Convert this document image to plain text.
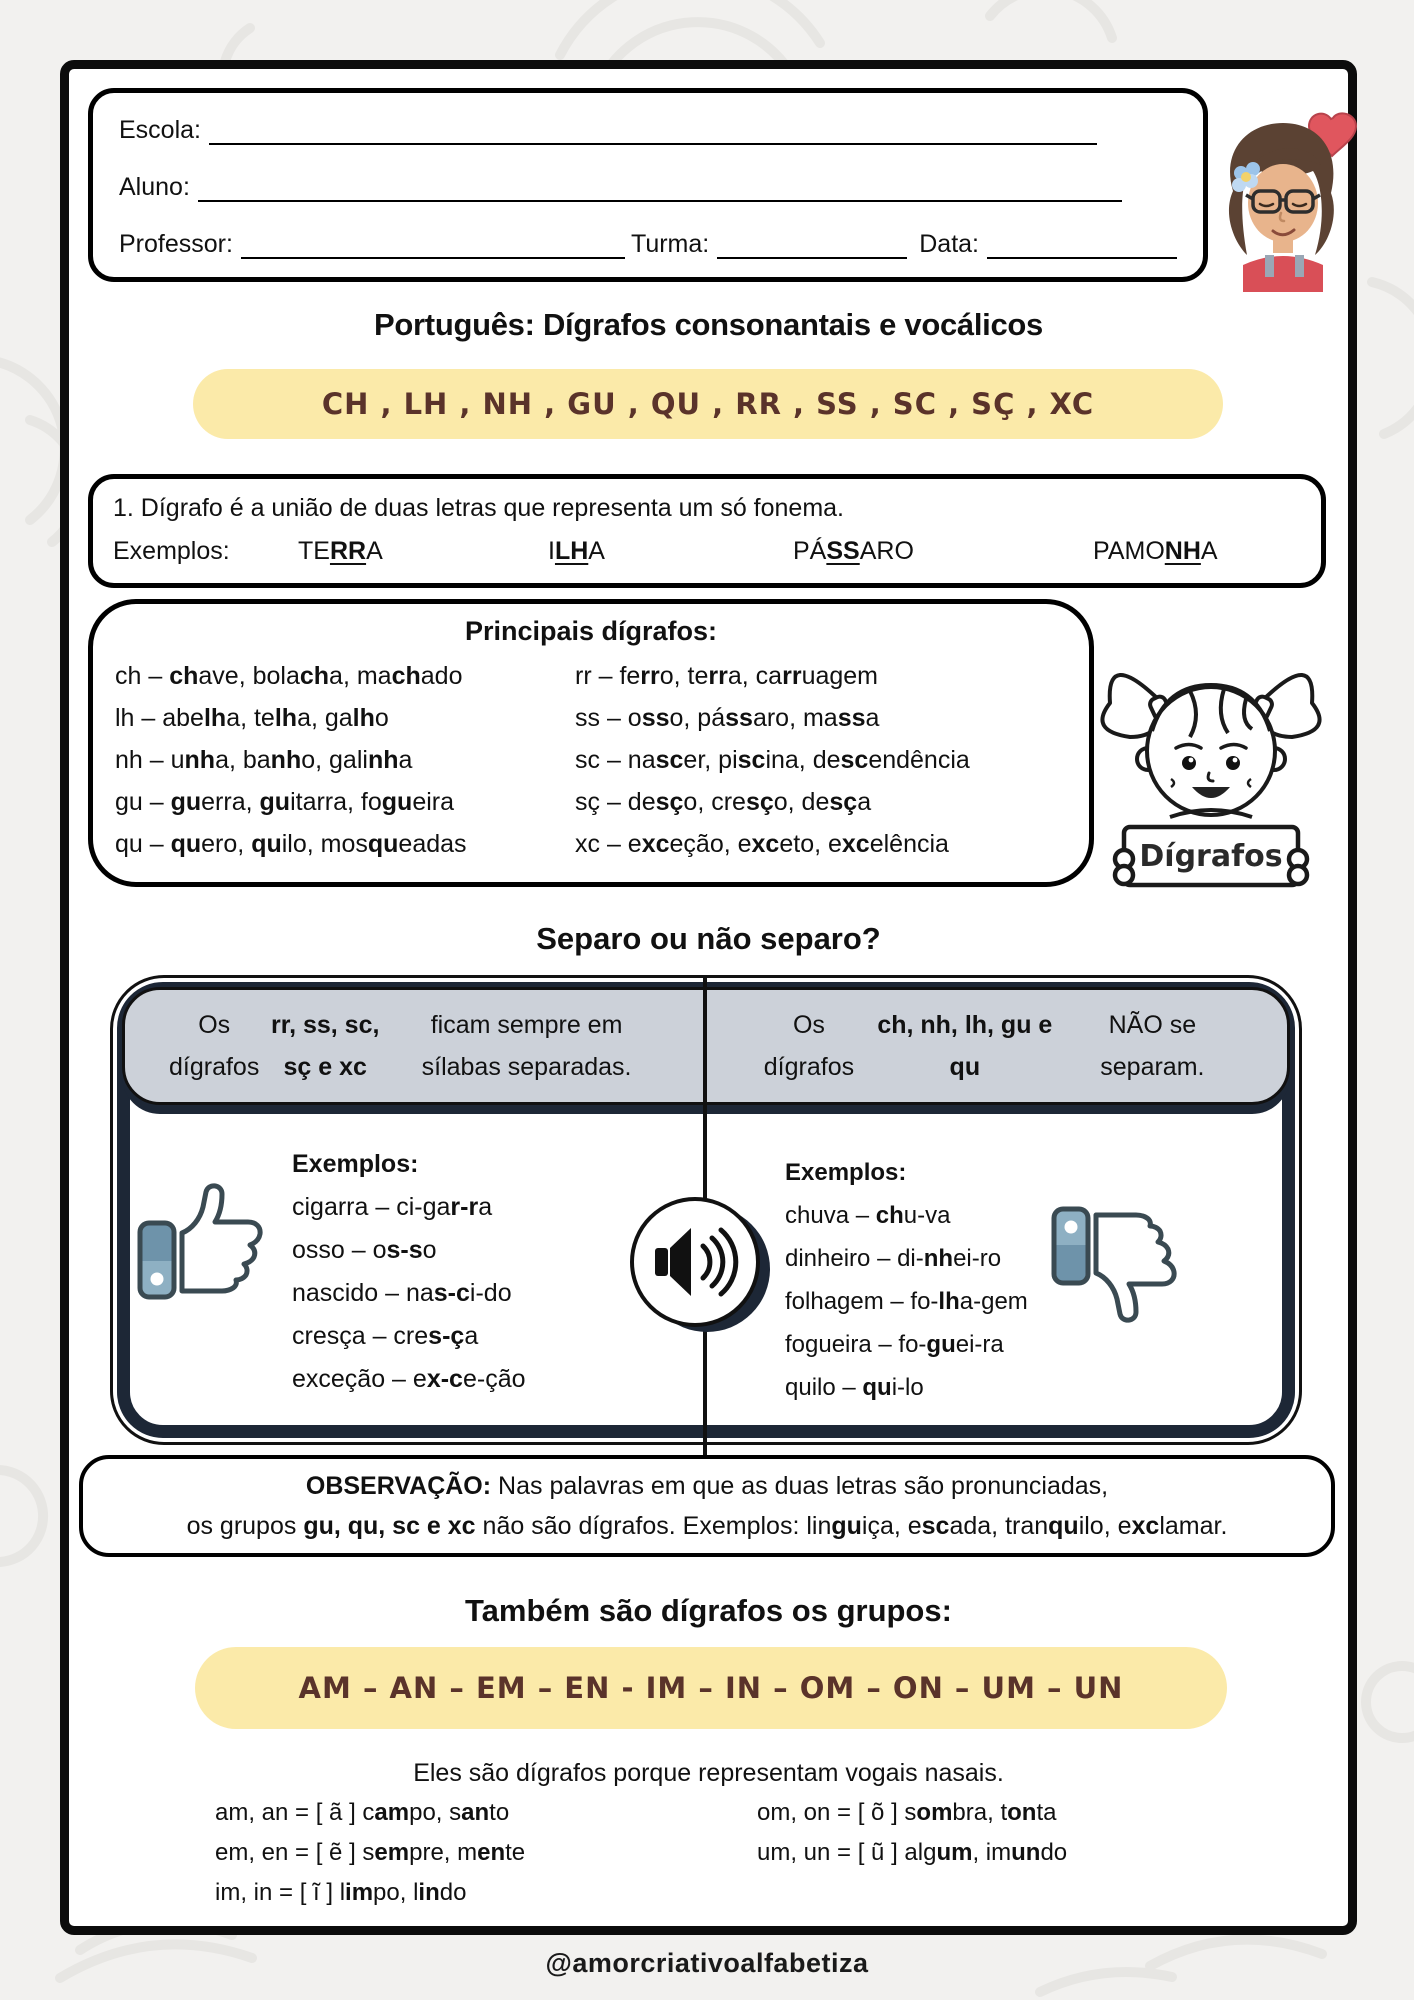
Escola:
Aluno:
Professor:	Turma:	Data:
Português: Dígrafos consonantais e vocálicos
CH , LH , NH , GU , QU , RR , SS , SC , SÇ , XC
1. Dígrafo é a união de duas letras que representa um só fonema.
Exemplos:	TERRA	ILHA	PÁSSARO	PAMONHA
Principais dígrafos:
ch – chave, bolacha, machado
lh – abelha, telha, galho
nh – unha, banho, galinha
gu – guerra, guitarra, fogueira
qu – quero, quilo, mosqueadas
rr – ferro, terra, carruagem
ss – osso, pássaro, massa
sc – nascer, piscina, descendência
sç – desço, cresço, desça
xc – exceção, exceto, excelência	Dígrafos
Separo ou não separo?
Os dígrafos
rr, ss, sc, sç e xc
ficam sempre em sílabas separadas.
Os dígrafos
ch, nh, lh, gu e qu
NÃO se separam.
Exemplos:
cigarra – ci-gar-ra
osso – os-so
nascido – nas-ci-do
cresça – cres-ça
exceção – ex-ce-ção
Exemplos:
chuva – chu-va
dinheiro – di-nhei-ro
folhagem – fo-lha-gem
fogueira – fo-guei-ra
quilo – qui-lo
OBSERVAÇÃO: Nas palavras em que as duas letras são pronunciadas,
os grupos gu, qu, sc e xc não são dígrafos. Exemplos: linguiça, escada, tranquilo, exclamar.
Também são dígrafos os grupos:
AM – AN – EM – EN - IM – IN – OM – ON – UM – UN
Eles são dígrafos porque representam vogais nasais.
am, an = [ ã ] campo, santo
em, en = [ ẽ ] sempre, mente
im, in = [ ĩ ] limpo, lindo
om, on = [ õ ] sombra, tonta
um, un = [ ũ ] algum, imundo
@amorcriativoalfabetiza
